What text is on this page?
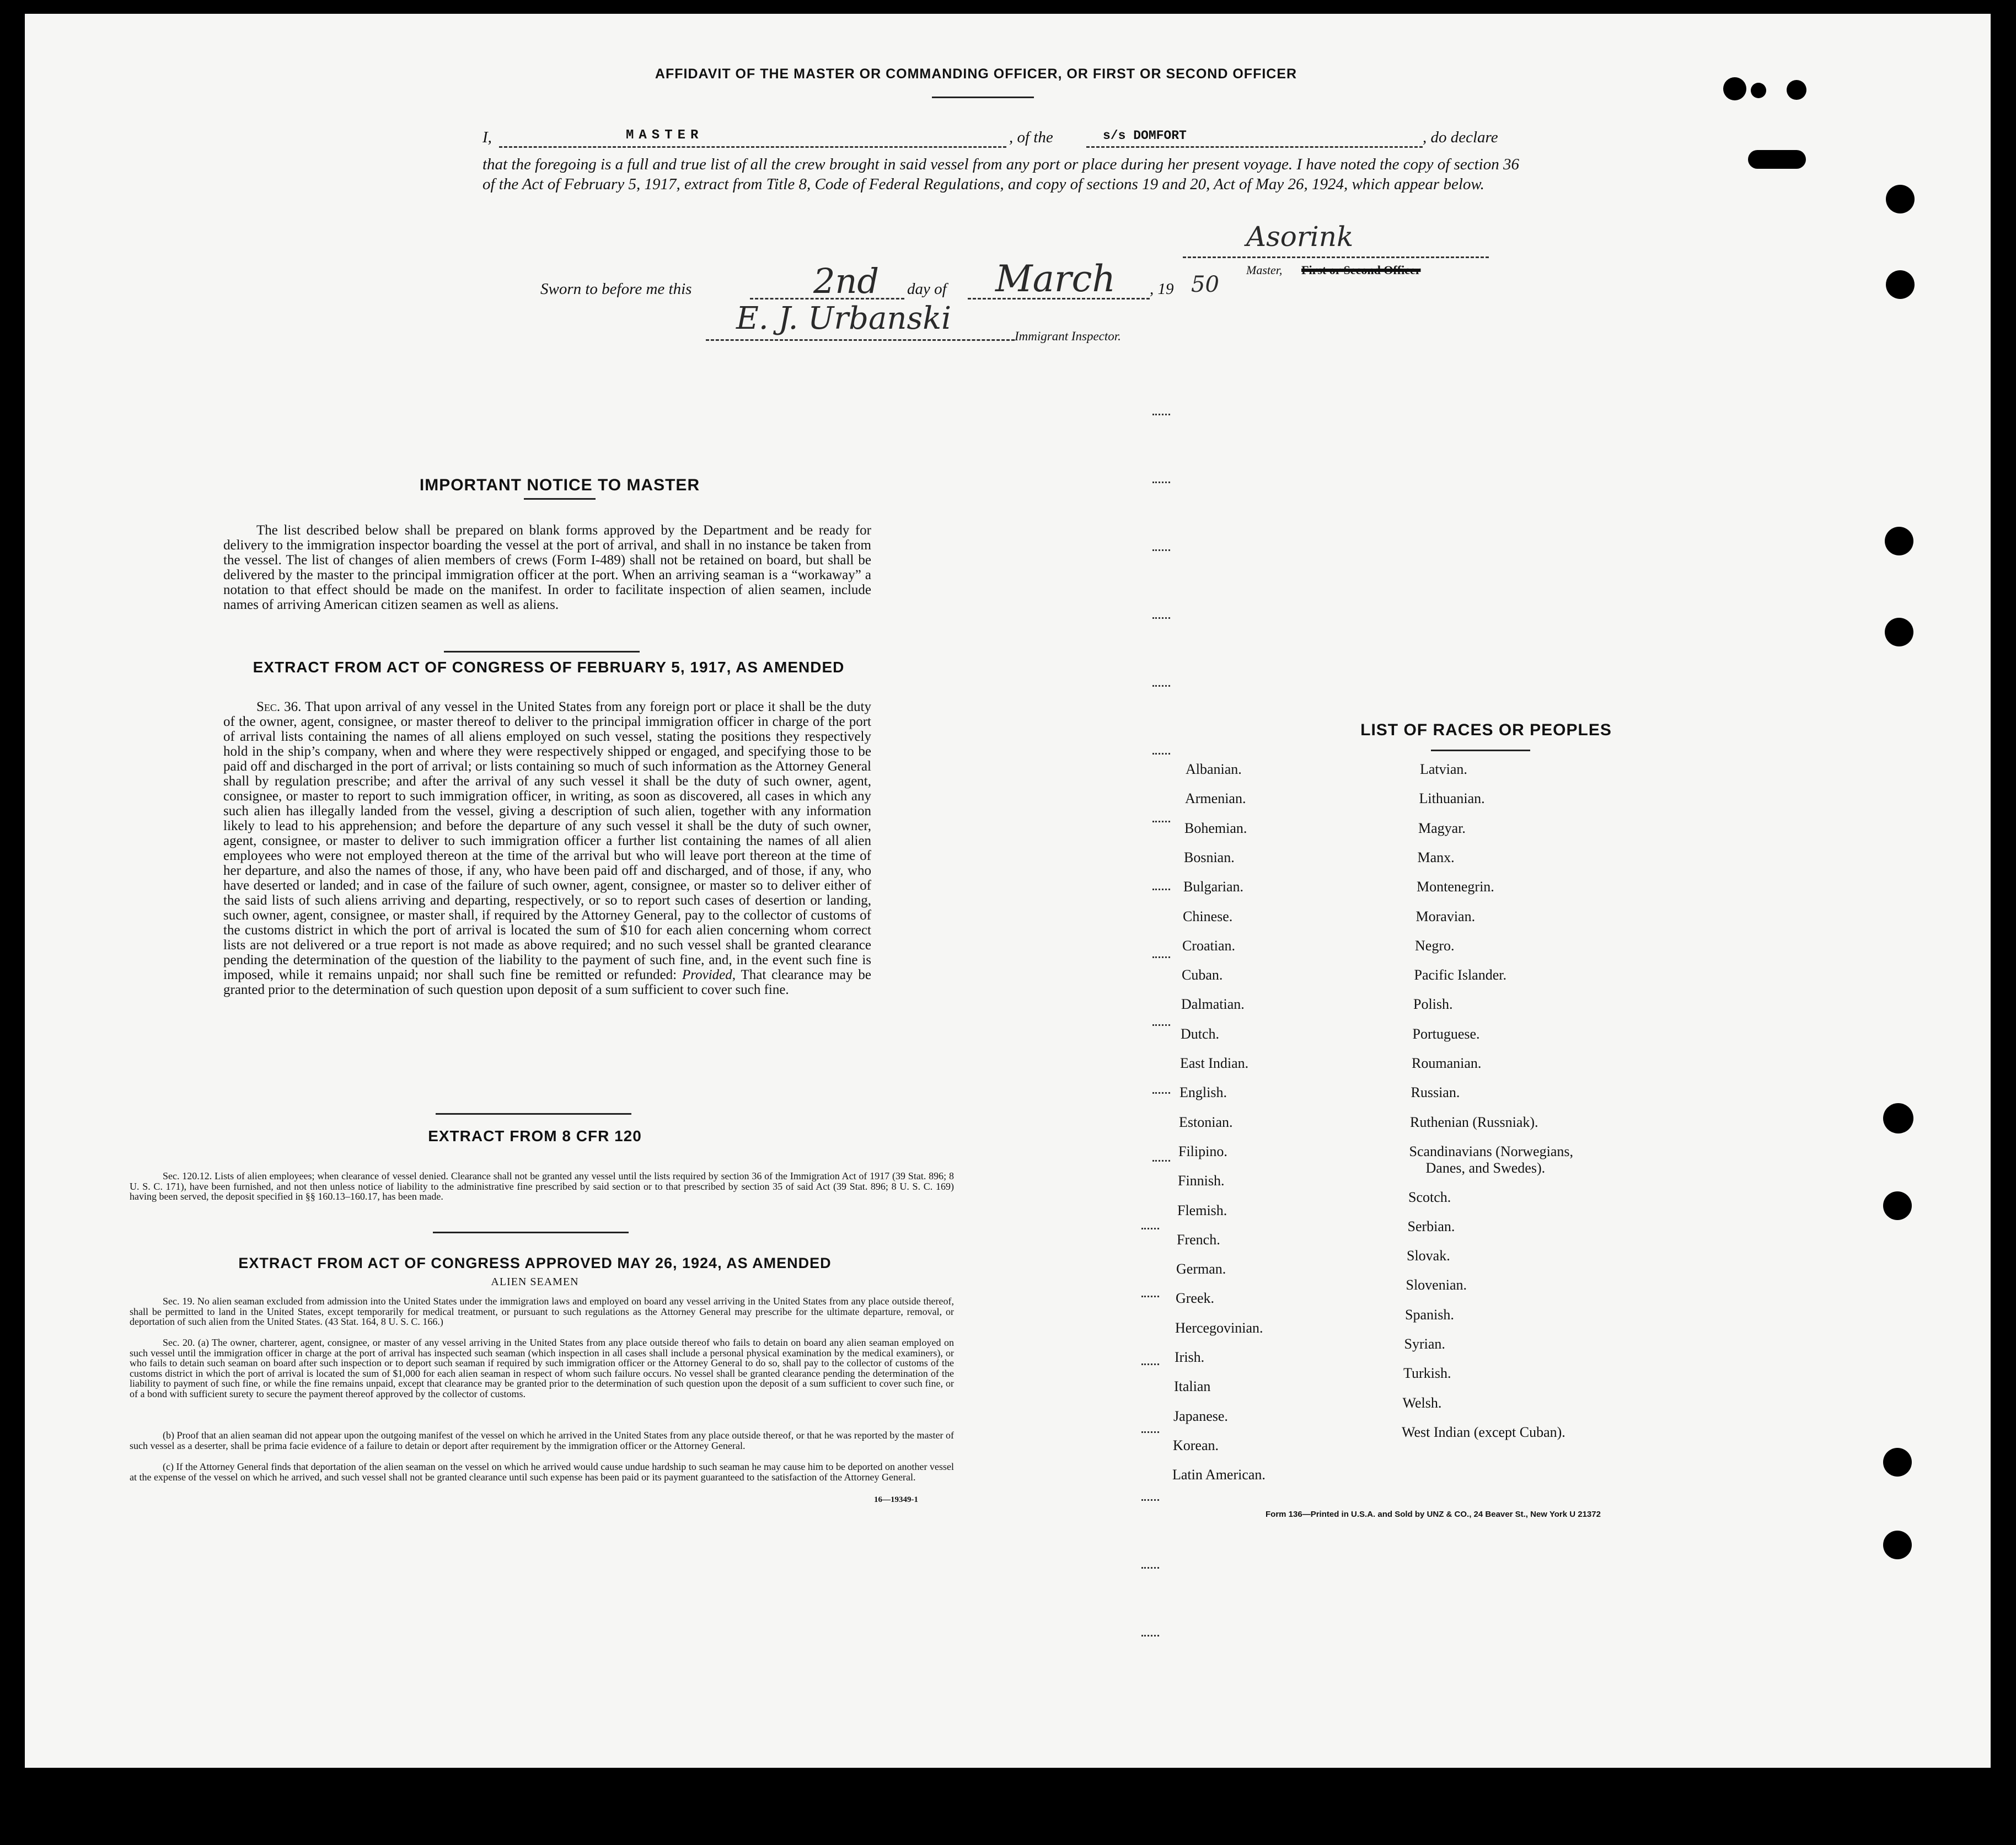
AFFIDAVIT OF THE MASTER OR COMMANDING OFFICER, OR FIRST OR SECOND OFFICER
I,	MASTER	, of the	s/s DOMFORT	, do declare
that the foregoing is a full and true list of all the crew brought in said vessel from any port or place during her present voyage. I have noted the copy of section 36 of the Act of February 5, 1917, extract from Title 8, Code of Federal Regulations, and copy of sections 19 and 20, Act of May 26, 1924, which appear below.
Asorink
Master, First or Second Officer
Sworn to before me this	2nd day of March , 19 50
E. J. Urbanski	Immigrant Inspector.
IMPORTANT NOTICE TO MASTER
The list described below shall be prepared on blank forms approved by the Department and be ready for delivery to the immigration inspector boarding the vessel at the port of arrival, and shall in no instance be taken from the vessel. The list of changes of alien members of crews (Form I-489) shall not be retained on board, but shall be delivered by the master to the principal immigration officer at the port. When an arriving seaman is a “workaway” a notation to that effect should be made on the manifest. In order to facilitate inspection of alien seamen, include names of arriving American citizen seamen as well as aliens.
EXTRACT FROM ACT OF CONGRESS OF FEBRUARY 5, 1917, AS AMENDED
Sec. 36. That upon arrival of any vessel in the United States from any foreign port or place it shall be the duty of the owner, agent, consignee, or master thereof to deliver to the principal immigration officer in charge of the port of arrival lists containing the names of all aliens employed on such vessel, stating the positions they respectively hold in the ship’s company, when and where they were respectively shipped or engaged, and specifying those to be paid off and discharged in the port of arrival; or lists containing so much of such information as the Attorney General shall by regulation prescribe; and after the arrival of any such vessel it shall be the duty of such owner, agent, consignee, or master to report to such immigration officer, in writing, as soon as discovered, all cases in which any such alien has illegally landed from the vessel, giving a description of such alien, together with any information likely to lead to his apprehension; and before the departure of any such vessel it shall be the duty of such owner, agent, consignee, or master to deliver to such immigration officer a further list containing the names of all alien employees who were not employed thereon at the time of the arrival but who will leave port thereon at the time of her departure, and also the names of those, if any, who have been paid off and discharged, and of those, if any, who have deserted or landed; and in case of the failure of such owner, agent, consignee, or master so to deliver either of the said lists of such aliens arriving and departing, respectively, or so to report such cases of desertion or landing, such owner, agent, consignee, or master shall, if required by the Attorney General, pay to the collector of customs of the customs district in which the port of arrival is located the sum of $10 for each alien concerning whom correct lists are not delivered or a true report is not made as above required; and no such vessel shall be granted clearance pending the determination of the question of the liability to the payment of such fine, and, in the event such fine is imposed, while it remains unpaid; nor shall such fine be remitted or refunded: Provided, That clearance may be granted prior to the determination of such question upon deposit of a sum sufficient to cover such fine.
EXTRACT FROM 8 CFR 120
Sec. 120.12. Lists of alien employees; when clearance of vessel denied. Clearance shall not be granted any vessel until the lists required by section 36 of the Immigration Act of 1917 (39 Stat. 896; 8 U. S. C. 171), have been furnished, and not then unless notice of liability to the administrative fine prescribed by said section or to that prescribed by section 35 of said Act (39 Stat. 896; 8 U. S. C. 169) having been served, the deposit specified in §§ 160.13–160.17, has been made.
EXTRACT FROM ACT OF CONGRESS APPROVED MAY 26, 1924, AS AMENDED
ALIEN SEAMEN
Sec. 19. No alien seaman excluded from admission into the United States under the immigration laws and employed on board any vessel arriving in the United States from any place outside thereof, shall be permitted to land in the United States, except temporarily for medical treatment, or pursuant to such regulations as the Attorney General may prescribe for the ultimate departure, removal, or deportation of such alien from the United States. (43 Stat. 164, 8 U. S. C. 166.)
Sec. 20. (a) The owner, charterer, agent, consignee, or master of any vessel arriving in the United States from any place outside thereof who fails to detain on board any alien seaman employed on such vessel until the immigration officer in charge at the port of arrival has inspected such seaman (which inspection in all cases shall include a personal physical examination by the medical examiners), or who fails to detain such seaman on board after such inspection or to deport such seaman if required by such immigration officer or the Attorney General to do so, shall pay to the collector of customs of the customs district in which the port of arrival is located the sum of $1,000 for each alien seaman in respect of whom such failure occurs. No vessel shall be granted clearance pending the determination of the liability to payment of such fine, or while the fine remains unpaid, except that clearance may be granted prior to the determination of such question upon the deposit of a sum sufficient to cover such fine, or of a bond with sufficient surety to secure the payment thereof approved by the collector of customs.
(b) Proof that an alien seaman did not appear upon the outgoing manifest of the vessel on which he arrived in the United States from any place outside thereof, or that he was reported by the master of such vessel as a deserter, shall be prima facie evidence of a failure to detain or deport after requirement by the immigration officer or the Attorney General.
(c) If the Attorney General finds that deportation of the alien seaman on the vessel on which he arrived would cause undue hardship to such seaman he may cause him to be deported on another vessel at the expense of the vessel on which he arrived, and such vessel shall not be granted clearance until such expense has been paid or its payment guaranteed to the satisfaction of the Attorney General.
16—19349-1
LIST OF RACES OR PEOPLES
Albanian.
Armenian.
Bohemian.
Bosnian.
Bulgarian.
Chinese.
Croatian.
Cuban.
Dalmatian.
Dutch.
East Indian.
English.
Estonian.
Filipino.
Finnish.
Flemish.
French.
German.
Greek.
Hercegovinian.
Irish.
Italian
Japanese.
Korean.
Latin American.
Latvian.
Lithuanian.
Magyar.
Manx.
Montenegrin.
Moravian.
Negro.
Pacific Islander.
Polish.
Portuguese.
Roumanian.
Russian.
Ruthenian (Russniak).
Scandinavians (Norwegians, Danes, and Swedes).
Scotch.
Serbian.
Slovak.
Slovenian.
Spanish.
Syrian.
Turkish.
Welsh.
West Indian (except Cuban).
Form 136—Printed in U.S.A. and Sold by UNZ & CO., 24 Beaver St., New York U 21372
